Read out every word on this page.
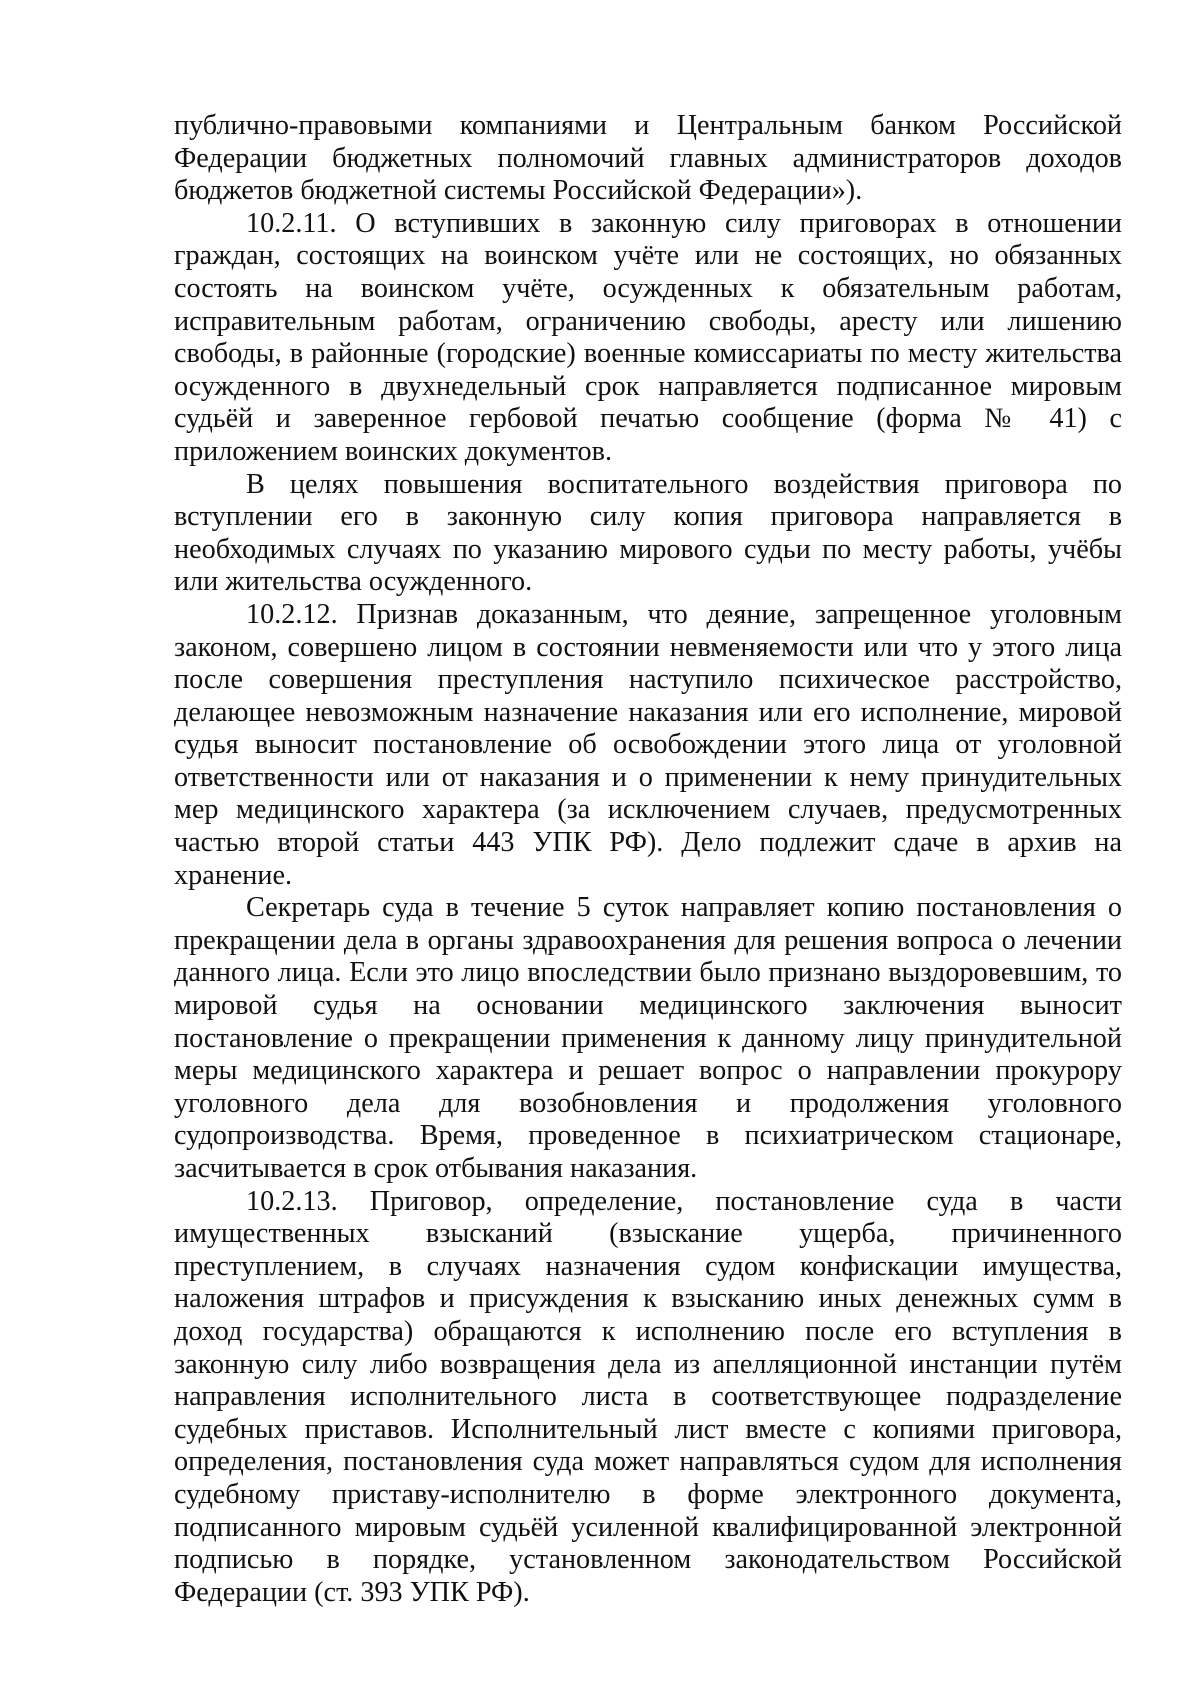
публично-правовыми компаниями и Центральным банком Российской Федерации бюджетных полномочий главных администраторов доходов бюджетов бюджетной системы Российской Федерации»).

10.2.11. О вступивших в законную силу приговорах в отношении граждан, состоящих на воинском учёте или не состоящих, но обязанных состоять на воинском учёте, осужденных к обязательным работам, исправительным работам, ограничению свободы, аресту или лишению свободы, в районные (городские) военные комиссариаты по месту жительства осужденного в двухнедельный срок направляется подписанное мировым судьёй и заверенное гербовой печатью сообщение (форма № 41) с приложением воинских документов.

В целях повышения воспитательного воздействия приговора по вступлении его в законную силу копия приговора направляется в необходимых случаях по указанию мирового судьи по месту работы, учёбы или жительства осужденного.

10.2.12. Признав доказанным, что деяние, запрещенное уголовным законом, совершено лицом в состоянии невменяемости или что у этого лица после совершения преступления наступило психическое расстройство, делающее невозможным назначение наказания или его исполнение, мировой судья выносит постановление об освобождении этого лица от уголовной ответственности или от наказания и о применении к нему принудительных мер медицинского характера (за исключением случаев, предусмотренных частью второй статьи 443 УПК РФ). Дело подлежит сдаче в архив на хранение.

Секретарь суда в течение 5 суток направляет копию постановления о прекращении дела в органы здравоохранения для решения вопроса о лечении данного лица. Если это лицо впоследствии было признано выздоровевшим, то мировой судья на основании медицинского заключения выносит постановление о прекращении применения к данному лицу принудительной меры медицинского характера и решает вопрос о направлении прокурору уголовного дела для возобновления и продолжения уголовного судопроизводства. Время, проведенное в психиатрическом стационаре, засчитывается в срок отбывания наказания.

10.2.13. Приговор, определение, постановление суда в части имущественных взысканий (взыскание ущерба, причиненного преступлением, в случаях назначения судом конфискации имущества, наложения штрафов и присуждения к взысканию иных денежных сумм в доход государства) обращаются к исполнению после его вступления в законную силу либо возвращения дела из апелляционной инстанции путём направления исполнительного листа в соответствующее подразделение судебных приставов. Исполнительный лист вместе с копиями приговора, определения, постановления суда может направляться судом для исполнения судебному приставу-исполнителю в форме электронного документа, подписанного мировым судьёй усиленной квалифицированной электронной подписью в порядке, установленном законодательством Российской Федерации (ст. 393 УПК РФ).
